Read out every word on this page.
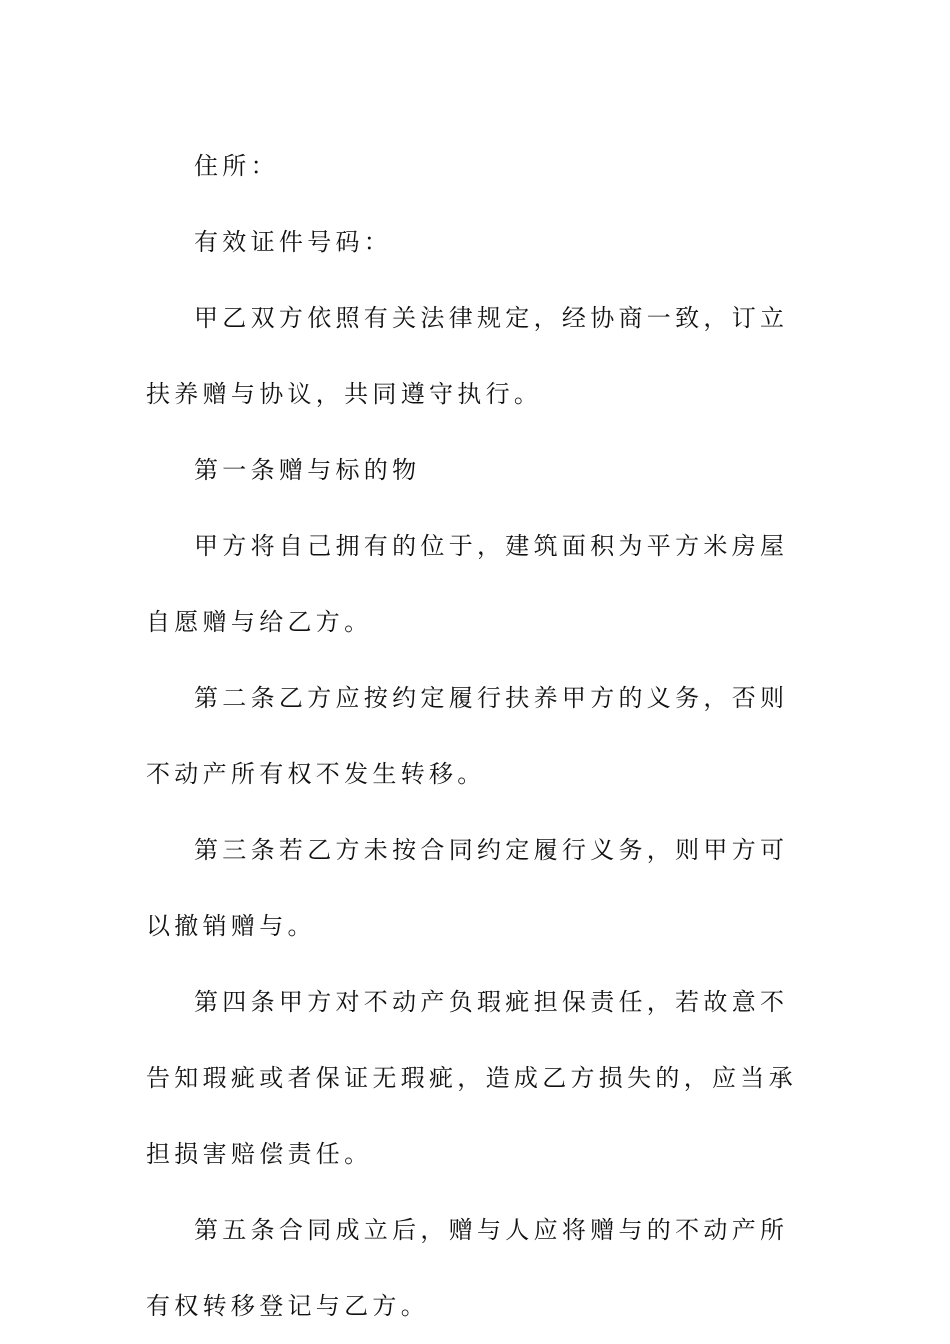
住所：

有效证件号码：

甲乙双方依照有关法律规定，经协商一致，订立扶养赠与协议，共同遵守执行。

第一条赠与标的物

甲方将自己拥有的位于，建筑面积为平方米房屋自愿赠与给乙方。

第二条乙方应按约定履行扶养甲方的义务，否则不动产所有权不发生转移。

第三条若乙方未按合同约定履行义务，则甲方可以撤销赠与。

第四条甲方对不动产负瑕疵担保责任，若故意不告知瑕疵或者保证无瑕疵，造成乙方损失的，应当承担损害赔偿责任。

第五条合同成立后，赠与人应将赠与的不动产所有权转移登记与乙方。
